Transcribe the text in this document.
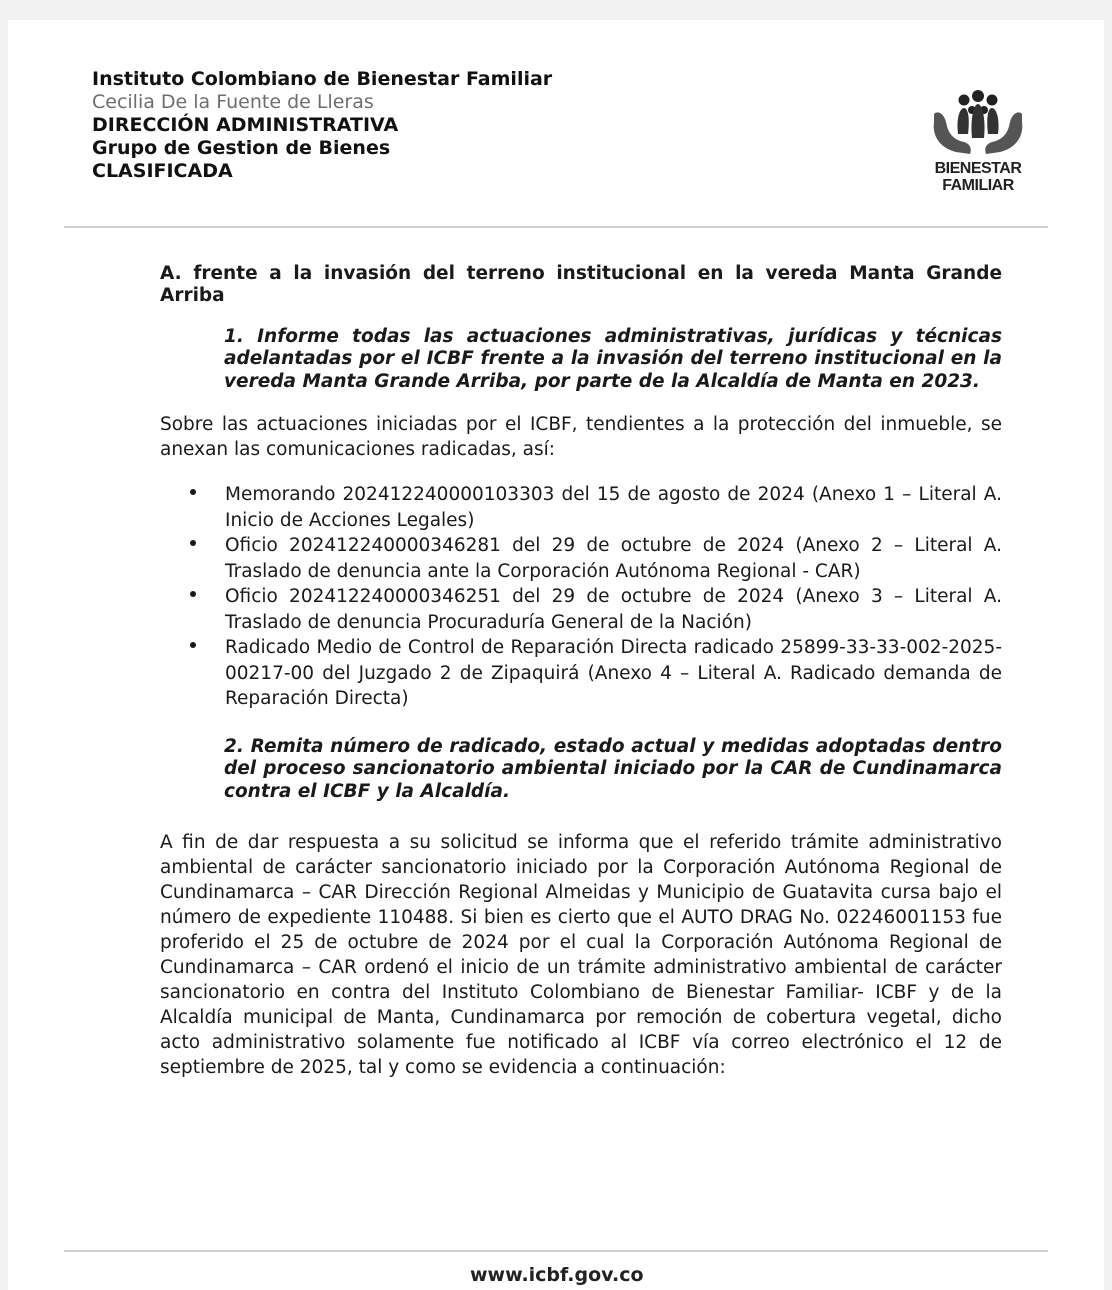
Instituto Colombiano de Bienestar Familiar
Cecilia De la Fuente de Lleras
DIRECCIÓN ADMINISTRATIVA
Grupo de Gestion de Bienes
CLASIFICADA	BIENESTAR
FAMILIAR

A. frente a la invasión del terreno institucional en la vereda Manta Grande Arriba

1. Informe todas las actuaciones administrativas, jurídicas y técnicas adelantadas por el ICBF frente a la invasión del terreno institucional en la vereda Manta Grande Arriba, por parte de la Alcaldía de Manta en 2023.

Sobre las actuaciones iniciadas por el ICBF, tendientes a la protección del inmueble, se anexan las comunicaciones radicadas, así:

Memorando 202412240000103303 del 15 de agosto de 2024 (Anexo 1 – Literal A. Inicio de Acciones Legales)
Oficio 202412240000346281 del 29 de octubre de 2024 (Anexo 2 – Literal A. Traslado de denuncia ante la Corporación Autónoma Regional - CAR)
Oficio 202412240000346251 del 29 de octubre de 2024 (Anexo 3 – Literal A. Traslado de denuncia Procuraduría General de la Nación)
Radicado Medio de Control de Reparación Directa radicado 25899-33-33-002-2025-00217-00 del Juzgado 2 de Zipaquirá (Anexo 4 – Literal A. Radicado demanda de Reparación Directa)

2. Remita número de radicado, estado actual y medidas adoptadas dentro del proceso sancionatorio ambiental iniciado por la CAR de Cundinamarca contra el ICBF y la Alcaldía.

A fin de dar respuesta a su solicitud se informa que el referido trámite administrativo ambiental de carácter sancionatorio iniciado por la Corporación Autónoma Regional de Cundinamarca – CAR Dirección Regional Almeidas y Municipio de Guatavita cursa bajo el número de expediente 110488. Si bien es cierto que el AUTO DRAG No. 02246001153 fue proferido el 25 de octubre de 2024 por el cual la Corporación Autónoma Regional de Cundinamarca – CAR ordenó el inicio de un trámite administrativo ambiental de carácter sancionatorio en contra del Instituto Colombiano de Bienestar Familiar- ICBF y de la Alcaldía municipal de Manta, Cundinamarca por remoción de cobertura vegetal, dicho acto administrativo solamente fue notificado al ICBF vía correo electrónico el 12 de septiembre de 2025, tal y como se evidencia a continuación:

www.icbf.gov.co
